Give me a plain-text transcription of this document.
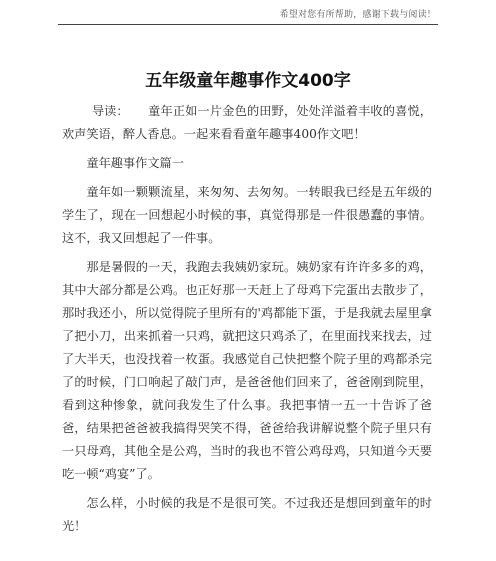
希望对您有所帮助，感谢下载与阅读！
五年级童年趣事作文400字

导读： 童年正如一片金色的田野，处处洋溢着丰收的喜悦，欢声笑语，醉人香息。一起来看看童年趣事400作文吧！

童年趣事作文篇一

童年如一颗颗流星，来匆匆、去匆匆。一转眼我已经是五年级的学生了，现在一回想起小时候的事，真觉得那是一件很愚蠢的事情。这不，我又回想起了一件事。

那是暑假的一天，我跑去我姨奶家玩。姨奶家有许许多多的鸡，其中大部分都是公鸡。也正好那一天赶上了母鸡下完蛋出去散步了，那时我还小，所以觉得院子里所有的'鸡都能下蛋，于是我就去屋里拿了把小刀，出来抓着一只鸡，就把这只鸡杀了，在里面找来找去，过了大半天，也没找着一枚蛋。我感觉自己快把整个院子里的鸡都杀完了的时候，门口响起了敲门声，是爸爸他们回来了，爸爸刚到院里，看到这种惨象，就问我发生了什么事。我把事情一五一十告诉了爸爸，结果把爸爸被我搞得哭笑不得，爸爸给我讲解说整个院子里只有一只母鸡，其他全是公鸡，当时的我也不管公鸡母鸡，只知道今天要吃一顿“鸡宴”了。

怎么样，小时候的我是不是很可笑。不过我还是想回到童年的时光！
